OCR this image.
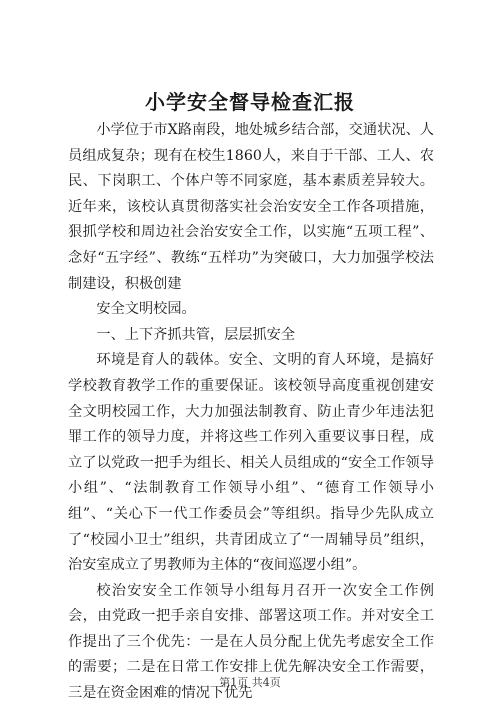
小学安全督导检查汇报

小学位于市X路南段，地处城乡结合部，交通状况、人员组成复杂；现有在校生1860人，来自于干部、工人、农民、下岗职工、个体户等不同家庭，基本素质差异较大。近年来，该校认真贯彻落实社会治安安全工作各项措施，狠抓学校和周边社会治安安全工作，以实施“五项工程”、念好“五字经”、教练“五样功”为突破口，大力加强学校法制建设，积极创建

安全文明校园。

一、上下齐抓共管，层层抓安全

环境是育人的载体。安全、文明的育人环境，是搞好学校教育教学工作的重要保证。该校领导高度重视创建安全文明校园工作，大力加强法制教育、防止青少年违法犯罪工作的领导力度，并将这些工作列入重要议事日程，成立了以党政一把手为组长、相关人员组成的“安全工作领导小组”、“法制教育工作领导小组”、“德育工作领导小组”、“关心下一代工作委员会”等组织。指导少先队成立了“校园小卫士”组织，共青团成立了“一周辅导员”组织，治安室成立了男教师为主体的“夜间巡逻小组”。

校治安安全工作领导小组每月召开一次安全工作例会，由党政一把手亲自安排、部署这项工作。并对安全工作提出了三个优先：一是在人员分配上优先考虑安全工作的需要；二是在日常工作安排上优先解决安全工作需要，三是在资金困难的情况下优先

第1页 共4页
